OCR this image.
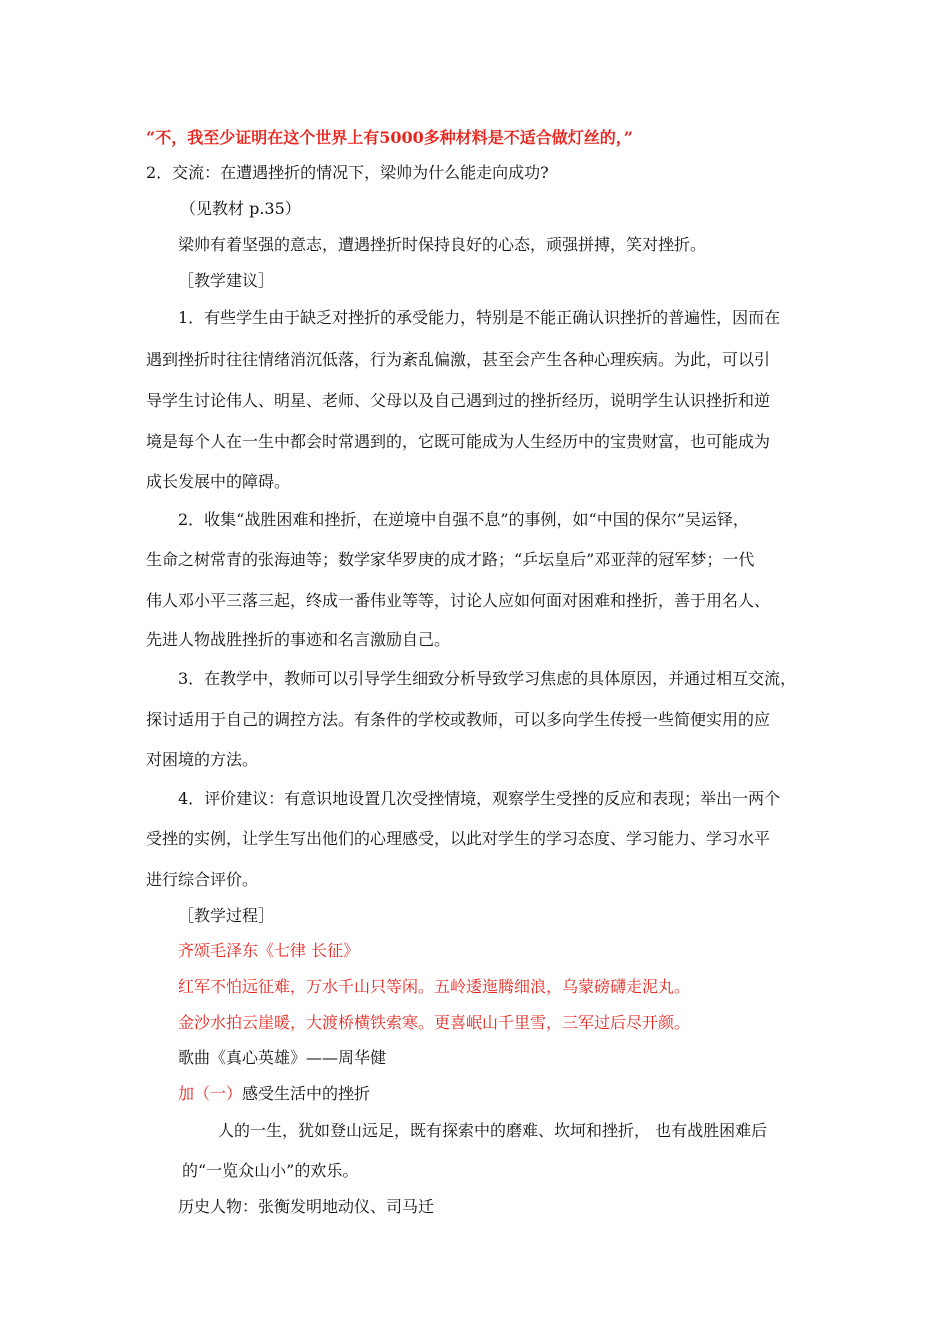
“不，我至少证明在这个世界上有5000多种材料是不适合做灯丝的，”
2．交流：在遭遇挫折的情况下，梁帅为什么能走向成功?
（见教材 p.35）
梁帅有着坚强的意志，遭遇挫折时保持良好的心态，顽强拼搏，笑对挫折。
［教学建议］
1．有些学生由于缺乏对挫折的承受能力，特别是不能正确认识挫折的普遍性，因而在
遇到挫折时往往情绪消沉低落，行为紊乱偏激，甚至会产生各种心理疾病。为此，可以引
导学生讨论伟人、明星、老师、父母以及自己遇到过的挫折经历，说明学生认识挫折和逆
境是每个人在一生中都会时常遇到的，它既可能成为人生经历中的宝贵财富，也可能成为
成长发展中的障碍。
2．收集“战胜困难和挫折，在逆境中自强不息”的事例，如“中国的保尔”吴运铎，
生命之树常青的张海迪等；数学家华罗庚的成才路；“乒坛皇后”邓亚萍的冠军梦；一代
伟人邓小平三落三起，终成一番伟业等等，讨论人应如何面对困难和挫折，善于用名人、
先进人物战胜挫折的事迹和名言激励自己。
3．在教学中，教师可以引导学生细致分析导致学习焦虑的具体原因，并通过相互交流，
探讨适用于自己的调控方法。有条件的学校或教师，可以多向学生传授一些简便实用的应
对困境的方法。
4．评价建议：有意识地设置几次受挫情境，观察学生受挫的反应和表现；举出一两个
受挫的实例，让学生写出他们的心理感受，以此对学生的学习态度、学习能力、学习水平
进行综合评价。
［教学过程］
齐颂毛泽东《七律 长征》
红军不怕远征难，万水千山只等闲。五岭逶迤腾细浪，乌蒙磅礴走泥丸。
金沙水拍云崖暖，大渡桥横铁索寒。更喜岷山千里雪，三军过后尽开颜。
歌曲《真心英雄》——周华健
加（一）感受生活中的挫折
人的一生，犹如登山远足，既有探索中的磨难、坎坷和挫折， 也有战胜困难后
的“一览众山小”的欢乐。
历史人物：张衡发明地动仪、司马迁
